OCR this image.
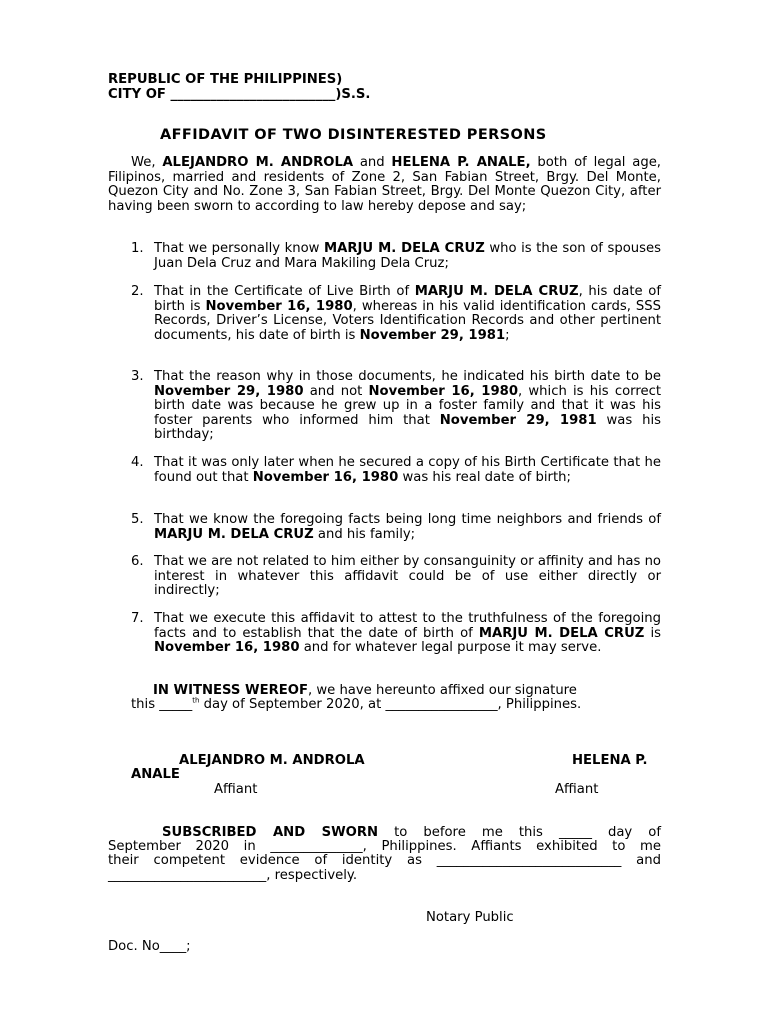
REPUBLIC OF THE PHILIPPINES)
CITY OF _________________________)S.S.
AFFIDAVIT OF TWO DISINTERESTED PERSONS
We, ALEJANDRO M. ANDROLA and HELENA P. ANALE, both of legal age, Filipinos, married and residents of Zone 2, San Fabian Street, Brgy. Del Monte, Quezon City and No. Zone 3, San Fabian Street, Brgy. Del Monte Quezon City, after having been sworn to according to law hereby depose and say;
1. That we personally know MARJU M. DELA CRUZ who is the son of spouses Juan Dela Cruz and Mara Makiling Dela Cruz;
2. That in the Certificate of Live Birth of MARJU M. DELA CRUZ, his date of birth is November 16, 1980, whereas in his valid identification cards, SSS Records, Driver’s License, Voters Identification Records and other pertinent documents, his date of birth is November 29, 1981;
3. That the reason why in those documents, he indicated his birth date to be November 29, 1980 and not November 16, 1980, which is his correct birth date was because he grew up in a foster family and that it was his foster parents who informed him that November 29, 1981 was his birthday;
4. That it was only later when he secured a copy of his Birth Certificate that he found out that November 16, 1980 was his real date of birth;
5. That we know the foregoing facts being long time neighbors and friends of MARJU M. DELA CRUZ and his family;
6. That we are not related to him either by consanguinity or affinity and has no interest in whatever this affidavit could be of use either directly or indirectly;
7. That we execute this affidavit to attest to the truthfulness of the foregoing facts and to establish that the date of birth of MARJU M. DELA CRUZ is November 16, 1980 and for whatever legal purpose it may serve.
IN WITNESS WEREOF, we have hereunto affixed our signature
this _____$^{th}$ day of September 2020, at _________________, Philippines.
ALEJANDRO M. ANDROLA	HELENA P.
ANALE
Affiant	Affiant
SUBSCRIBED AND SWORN to before me this _____ day of
September 2020 in ______________, Philippines. Affiants exhibited to me
their competent evidence of identity as ____________________________ and
________________________, respectively.
Notary Public
Doc. No____;
